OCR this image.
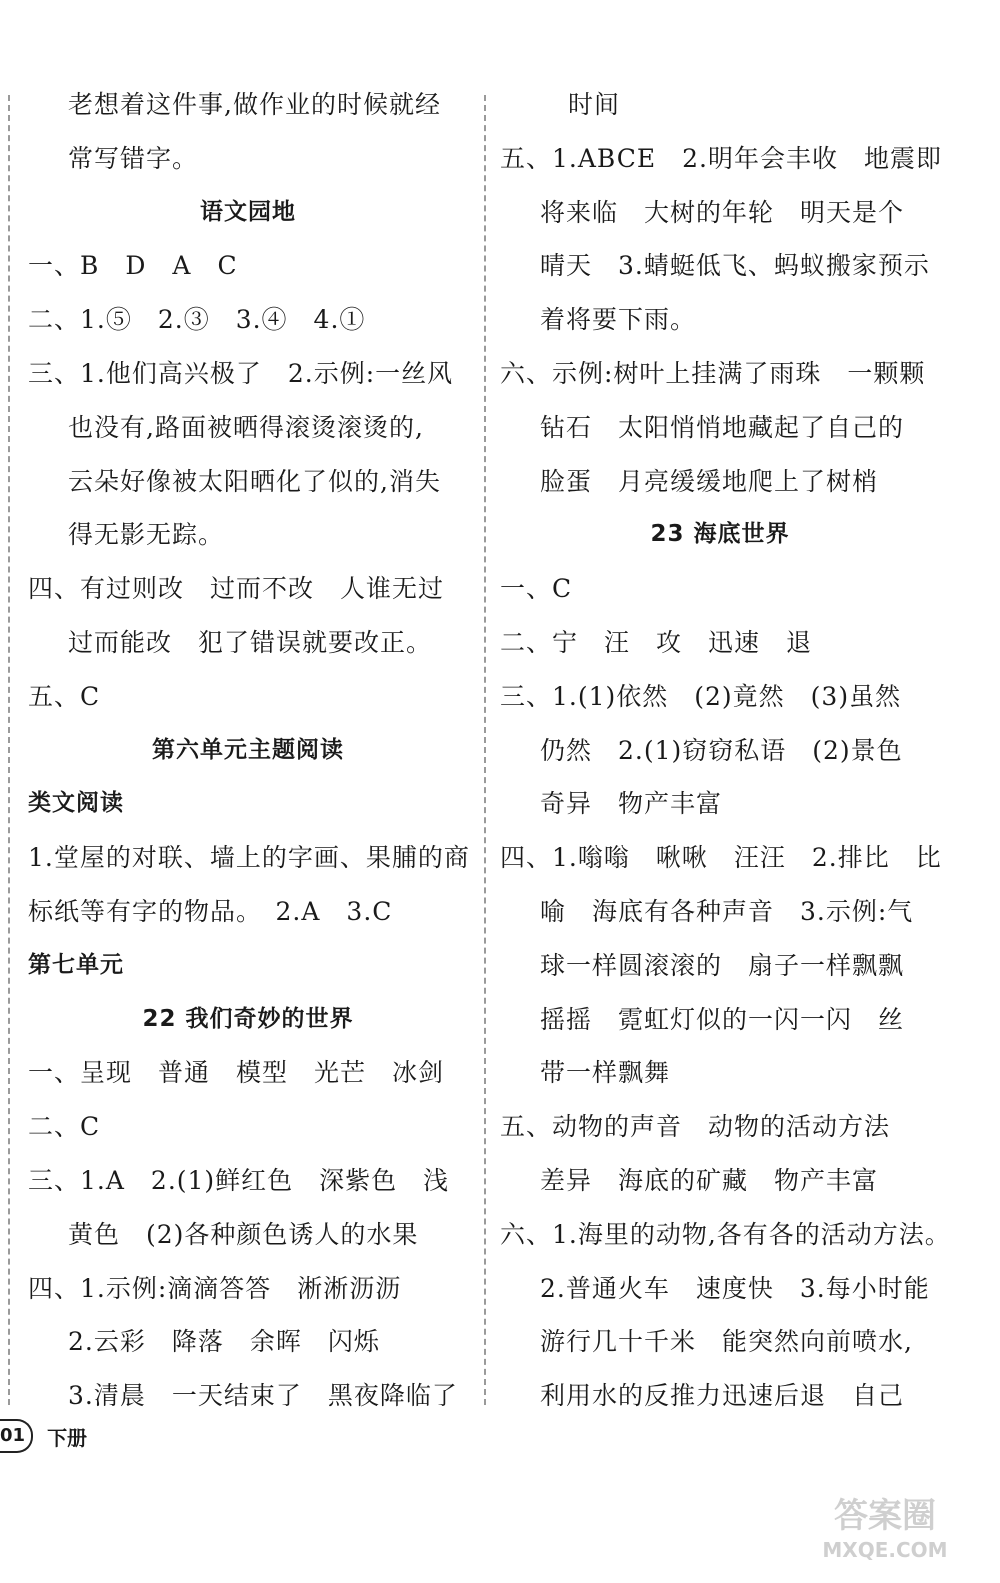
老想着这件事,做作业的时候就经
常写错字。
语文园地
一、B　D　A　C
二、1.⑤　2.③　3.④　4.①
三、1.他们高兴极了　2.示例:一丝风
也没有,路面被晒得滚烫滚烫的,
云朵好像被太阳晒化了似的,消失
得无影无踪。
四、有过则改　过而不改　人谁无过
过而能改　犯了错误就要改正。
五、C
第六单元主题阅读
类文阅读
1.堂屋的对联、墙上的字画、果脯的商
标纸等有字的物品。　2.A　3.C
第七单元
22 我们奇妙的世界
一、呈现　普通　模型　光芒　冰剑
二、C
三、1.A　2.(1)鲜红色　深紫色　浅
黄色　(2)各种颜色诱人的水果
四、1.示例:滴滴答答　淅淅沥沥
2.云彩　降落　余晖　闪烁
3.清晨　一天结束了　黑夜降临了
时间
五、1.ABCE　2.明年会丰收　地震即
将来临　大树的年轮　明天是个
晴天　3.蜻蜓低飞、蚂蚁搬家预示
着将要下雨。
六、示例:树叶上挂满了雨珠　一颗颗
钻石　太阳悄悄地藏起了自己的
脸蛋　月亮缓缓地爬上了树梢
23 海底世界
一、C
二、宁　汪　攻　迅速　退
三、1.(1)依然　(2)竟然　(3)虽然
仍然　2.(1)窃窃私语　(2)景色
奇异　物产丰富
四、1.嗡嗡　啾啾　汪汪　2.排比　比
喻　海底有各种声音　3.示例:气
球一样圆滚滚的　扇子一样飘飘
摇摇　霓虹灯似的一闪一闪　丝
带一样飘舞
五、动物的声音　动物的活动方法
差异　海底的矿藏　物产丰富
六、1.海里的动物,各有各的活动方法。
2.普通火车　速度快　3.每小时能
游行几十千米　能突然向前喷水,
利用水的反推力迅速后退　自己
01	下册
答案圈
MXQE.COM
